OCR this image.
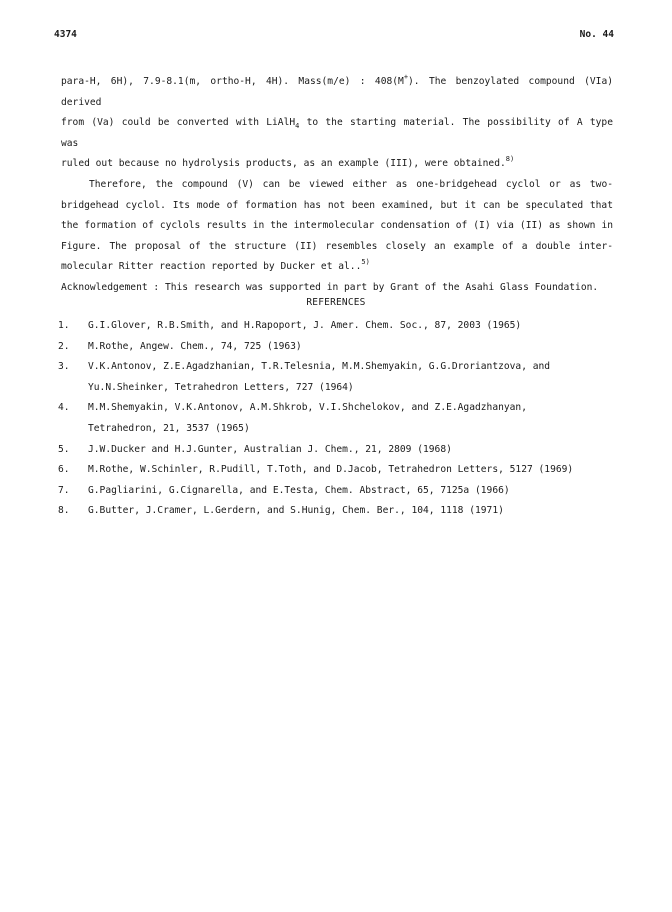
4374	No. 44
para-H, 6H), 7.9-8.1(m, ortho-H, 4H). Mass(m/e) : 408(M+). The benzoylated compound (VIa) derived
from (Va) could be converted with LiAlH$_4$ to the starting material. The possibility of A type was
ruled out because no hydrolysis products, as an example (III), were obtained.$^{8)}$
Therefore, the compound (V) can be viewed either as one-bridgehead cyclol or as two-
bridgehead cyclol. Its mode of formation has not been examined, but it can be speculated that
the formation of cyclols results in the intermolecular condensation of (I) via (II) as shown in
Figure. The proposal of the structure (II) resembles closely an example of a double inter-
molecular Ritter reaction reported by Ducker et al..$^{5)}$
Acknowledgement : This research was supported in part by Grant of the Asahi Glass Foundation.
REFERENCES
1.	G.I.Glover, R.B.Smith, and H.Rapoport, J. Amer. Chem. Soc., 87, 2003 (1965)
2.	M.Rothe, Angew. Chem., 74, 725 (1963)
3.	V.K.Antonov, Z.E.Agadzhanian, T.R.Telesnia, M.M.Shemyakin, G.G.Droriantzova, and
Yu.N.Sheinker, Tetrahedron Letters, 727 (1964)
4.	M.M.Shemyakin, V.K.Antonov, A.M.Shkrob, V.I.Shchelokov, and Z.E.Agadzhanyan,
Tetrahedron, 21, 3537 (1965)
5.	J.W.Ducker and H.J.Gunter, Australian J. Chem., 21, 2809 (1968)
6.	M.Rothe, W.Schinler, R.Pudill, T.Toth, and D.Jacob, Tetrahedron Letters, 5127 (1969)
7.	G.Pagliarini, G.Cignarella, and E.Testa, Chem. Abstract, 65, 7125a (1966)
8.	G.Butter, J.Cramer, L.Gerdern, and S.Hunig, Chem. Ber., 104, 1118 (1971)
